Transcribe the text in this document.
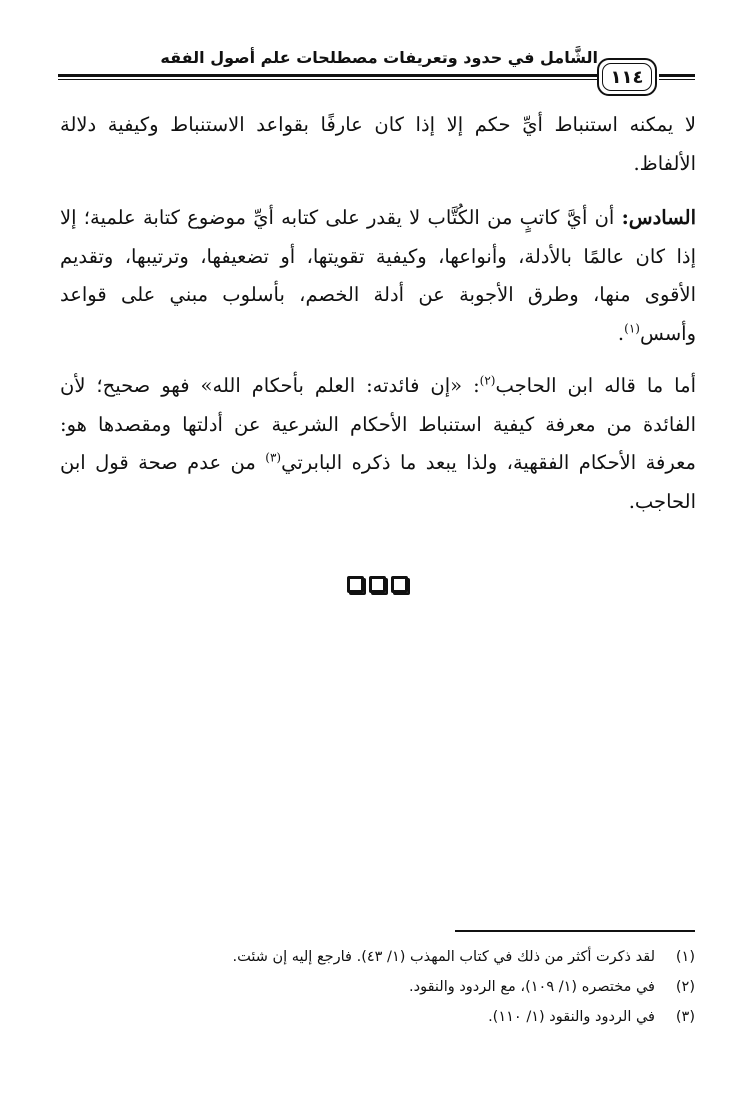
الشَّامل في حدود وتعريفات مصطلحات علم أصول الفقه
١١٤

لا يمكنه استنباط أيِّ حكم إلا إذا كان عارفًا بقواعد الاستنباط وكيفية دلالة الألفاظ.

السادس: أن أيَّ كاتبٍ من الكُتَّاب لا يقدر على كتابه أيِّ موضوع كتابة علمية؛ إلا إذا كان عالمًا بالأدلة، وأنواعها، وكيفية تقويتها، أو تضعيفها، وترتيبها، وتقديم الأقوى منها، وطرق الأجوبة عن أدلة الخصم، بأسلوب مبني على قواعد وأسس$^{(١)}$.

أما ما قاله ابن الحاجب$^{(٢)}$: «إن فائدته: العلم بأحكام الله» فهو صحيح؛ لأن الفائدة من معرفة كيفية استنباط الأحكام الشرعية عن أدلتها ومقصدها هو: معرفة الأحكام الفقهية، ولذا يبعد ما ذكره البابرتي$^{(٣)}$ من عدم صحة قول ابن الحاجب.

(١)
لقد ذكرت أكثر من ذلك في كتاب المهذب (١/ ٤٣). فارجع إليه إن شئت.
(٢)
في مختصره (١/ ١٠٩)، مع الردود والنقود.
(٣)
في الردود والنقود (١/ ١١٠).
